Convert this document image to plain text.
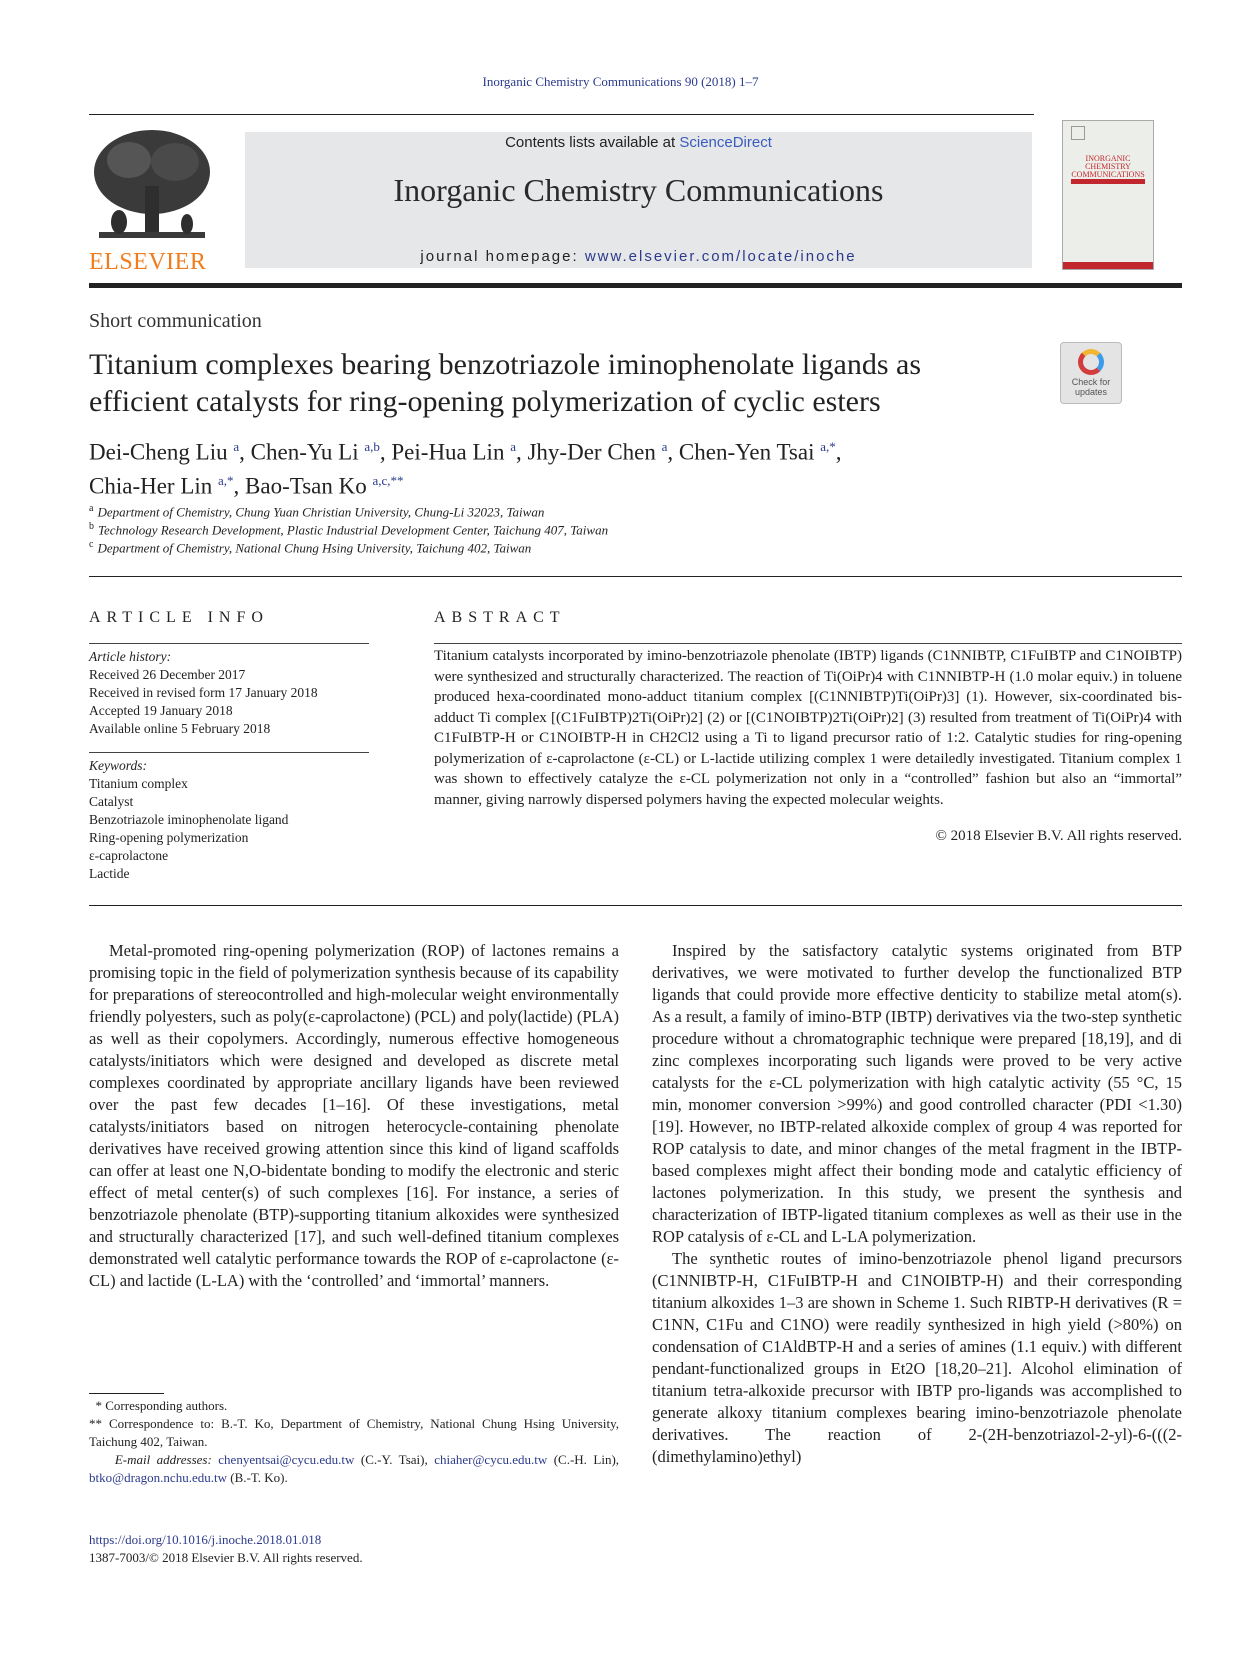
Inorganic Chemistry Communications 90 (2018) 1–7
ELSEVIER
Contents lists available at ScienceDirect
Inorganic Chemistry Communications
journal homepage: www.elsevier.com/locate/inoche
INORGANIC CHEMISTRY COMMUNICATIONS
Short communication
Titanium complexes bearing benzotriazole iminophenolate ligands as efficient catalysts for ring-opening polymerization of cyclic esters
Check for
updates
Dei-Cheng Liu $^a$, Chen-Yu Li $^{a,b}$, Pei-Hua Lin $^a$, Jhy-Der Chen $^a$, Chen-Yen Tsai $^{a,*}$,
Chia-Her Lin $^{a,*}$, Bao-Tsan Ko $^{a,c,**}$
$^a$ Department of Chemistry, Chung Yuan Christian University, Chung-Li 32023, Taiwan
$^b$ Technology Research Development, Plastic Industrial Development Center, Taichung 407, Taiwan
$^c$ Department of Chemistry, National Chung Hsing University, Taichung 402, Taiwan
ARTICLE INFO
Article history:
Received 26 December 2017
Received in revised form 17 January 2018
Accepted 19 January 2018
Available online 5 February 2018
Keywords:
Titanium complex
Catalyst
Benzotriazole iminophenolate ligand
Ring-opening polymerization
ε-caprolactone
Lactide
ABSTRACT
Titanium catalysts incorporated by imino-benzotriazole phenolate (IBTP) ligands (C1NNIBTP, C1FuIBTP and C1NOIBTP) were synthesized and structurally characterized. The reaction of Ti(OiPr)4 with C1NNIBTP-H (1.0 molar equiv.) in toluene produced hexa-coordinated mono-adduct titanium complex [(C1NNIBTP)Ti(OiPr)3] (1). However, six-coordinated bis-adduct Ti complex [(C1FuIBTP)2Ti(OiPr)2] (2) or [(C1NOIBTP)2Ti(OiPr)2] (3) resulted from treatment of Ti(OiPr)4 with C1FuIBTP-H or C1NOIBTP-H in CH2Cl2 using a Ti to ligand precursor ratio of 1:2. Catalytic studies for ring-opening polymerization of ε-caprolactone (ε-CL) or L-lactide utilizing complex 1 were detailedly investigated. Titanium complex 1 was shown to effectively catalyze the ε-CL polymerization not only in a “controlled” fashion but also an “immortal” manner, giving narrowly dispersed polymers having the expected molecular weights.
© 2018 Elsevier B.V. All rights reserved.

Metal-promoted ring-opening polymerization (ROP) of lactones remains a promising topic in the field of polymerization synthesis because of its capability for preparations of stereocontrolled and high-molecular weight environmentally friendly polyesters, such as poly(ε-caprolactone) (PCL) and poly(lactide) (PLA) as well as their copolymers. Accordingly, numerous effective homogeneous catalysts/initiators which were designed and developed as discrete metal complexes coordinated by appropriate ancillary ligands have been reviewed over the past few decades [1–16]. Of these investigations, metal catalysts/initiators based on nitrogen heterocycle-containing phenolate derivatives have received growing attention since this kind of ligand scaffolds can offer at least one N,O-bidentate bonding to modify the electronic and steric effect of metal center(s) of such complexes [16]. For instance, a series of benzotriazole phenolate (BTP)-supporting titanium alkoxides were synthesized and structurally characterized [17], and such well-defined titanium complexes demonstrated well catalytic performance towards the ROP of ε-caprolactone (ε-CL) and lactide (L-LA) with the ‘controlled’ and ‘immortal’ manners.

Inspired by the satisfactory catalytic systems originated from BTP derivatives, we were motivated to further develop the functionalized BTP ligands that could provide more effective denticity to stabilize metal atom(s). As a result, a family of imino-BTP (IBTP) derivatives via the two-step synthetic procedure without a chromatographic technique were prepared [18,19], and di zinc complexes incorporating such ligands were proved to be very active catalysts for the ε-CL polymerization with high catalytic activity (55 °C, 15 min, monomer conversion >99%) and good controlled character (PDI <1.30) [19]. However, no IBTP-related alkoxide complex of group 4 was reported for ROP catalysis to date, and minor changes of the metal fragment in the IBTP-based complexes might affect their bonding mode and catalytic efficiency of lactones polymerization. In this study, we present the synthesis and characterization of IBTP-ligated titanium complexes as well as their use in the ROP catalysis of ε-CL and L-LA polymerization.

The synthetic routes of imino-benzotriazole phenol ligand precursors (C1NNIBTP-H, C1FuIBTP-H and C1NOIBTP-H) and their corresponding titanium alkoxides 1–3 are shown in Scheme 1. Such RIBTP-H derivatives (R = C1NN, C1Fu and C1NO) were readily synthesized in high yield (>80%) on condensation of C1AldBTP-H and a series of amines (1.1 equiv.) with different pendant-functionalized groups in Et2O [18,20–21]. Alcohol elimination of titanium tetra-alkoxide precursor with IBTP pro-ligands was accomplished to generate alkoxy titanium complexes bearing imino-benzotriazole phenolate derivatives. The reaction of 2-(2H-benzotriazol-2-yl)-6-(((2-(dimethylamino)ethyl)

* Corresponding authors.
** Correspondence to: B.-T. Ko, Department of Chemistry, National Chung Hsing University, Taichung 402, Taiwan.
E-mail addresses: chenyentsai@cycu.edu.tw (C.-Y. Tsai), chiaher@cycu.edu.tw (C.-H. Lin), btko@dragon.nchu.edu.tw (B.-T. Ko).
https://doi.org/10.1016/j.inoche.2018.01.018
1387-7003/© 2018 Elsevier B.V. All rights reserved.
